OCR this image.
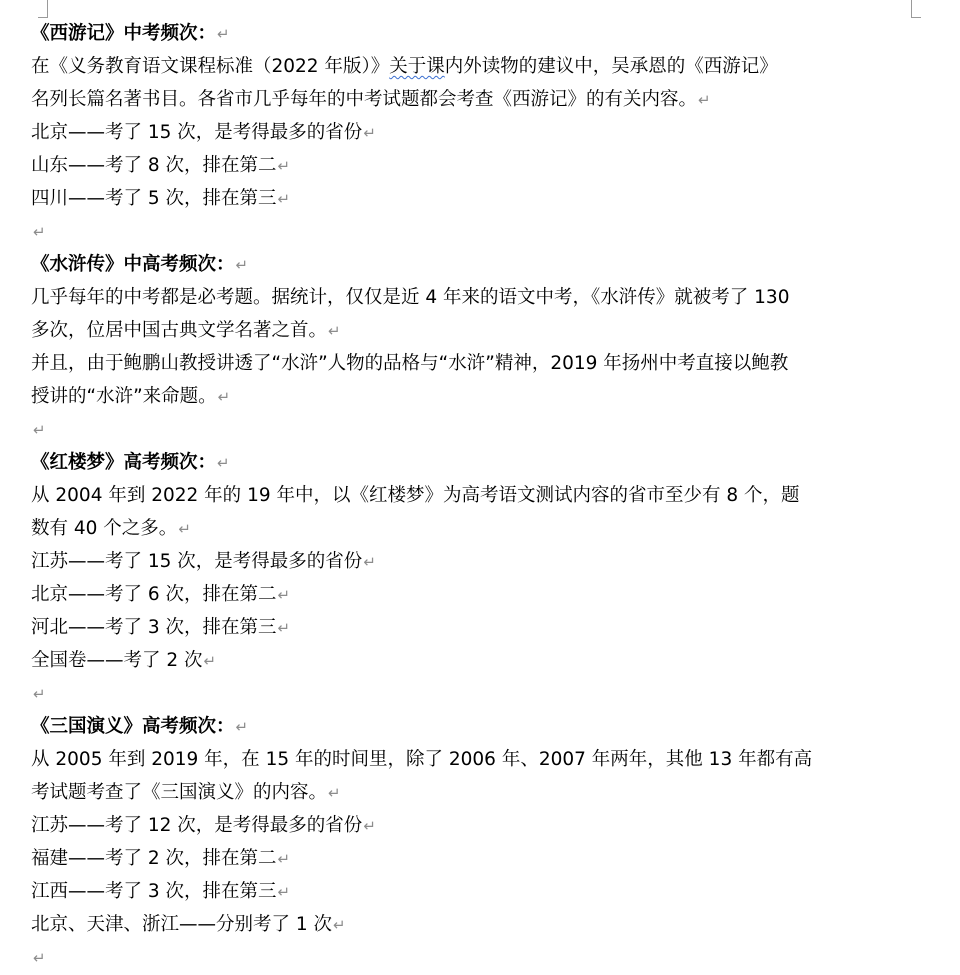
《西游记》中考频次：↵
在《义务教育语文课程标准（2022 年版）》关于课内外读物的建议中，吴承恩的《西游记》
名列长篇名著书目。各省市几乎每年的中考试题都会考查《西游记》的有关内容。↵
北京——考了 15 次，是考得最多的省份↵
山东——考了 8 次，排在第二↵
四川——考了 5 次，排在第三↵
↵
《水浒传》中高考频次：↵
几乎每年的中考都是必考题。据统计，仅仅是近 4 年来的语文中考，《水浒传》就被考了 130
多次，位居中国古典文学名著之首。↵
并且，由于鲍鹏山教授讲透了“水浒”人物的品格与“水浒”精神，2019 年扬州中考直接以鲍教
授讲的“水浒”来命题。↵
↵
《红楼梦》高考频次：↵
从 2004 年到 2022 年的 19 年中，以《红楼梦》为高考语文测试内容的省市至少有 8 个，题
数有 40 个之多。↵
江苏——考了 15 次，是考得最多的省份↵
北京——考了 6 次，排在第二↵
河北——考了 3 次，排在第三↵
全国卷——考了 2 次↵
↵
《三国演义》高考频次：↵
从 2005 年到 2019 年，在 15 年的时间里，除了 2006 年、2007 年两年，其他 13 年都有高
考试题考查了《三国演义》的内容。↵
江苏——考了 12 次，是考得最多的省份↵
福建——考了 2 次，排在第二↵
江西——考了 3 次，排在第三↵
北京、天津、浙江——分别考了 1 次↵
↵
